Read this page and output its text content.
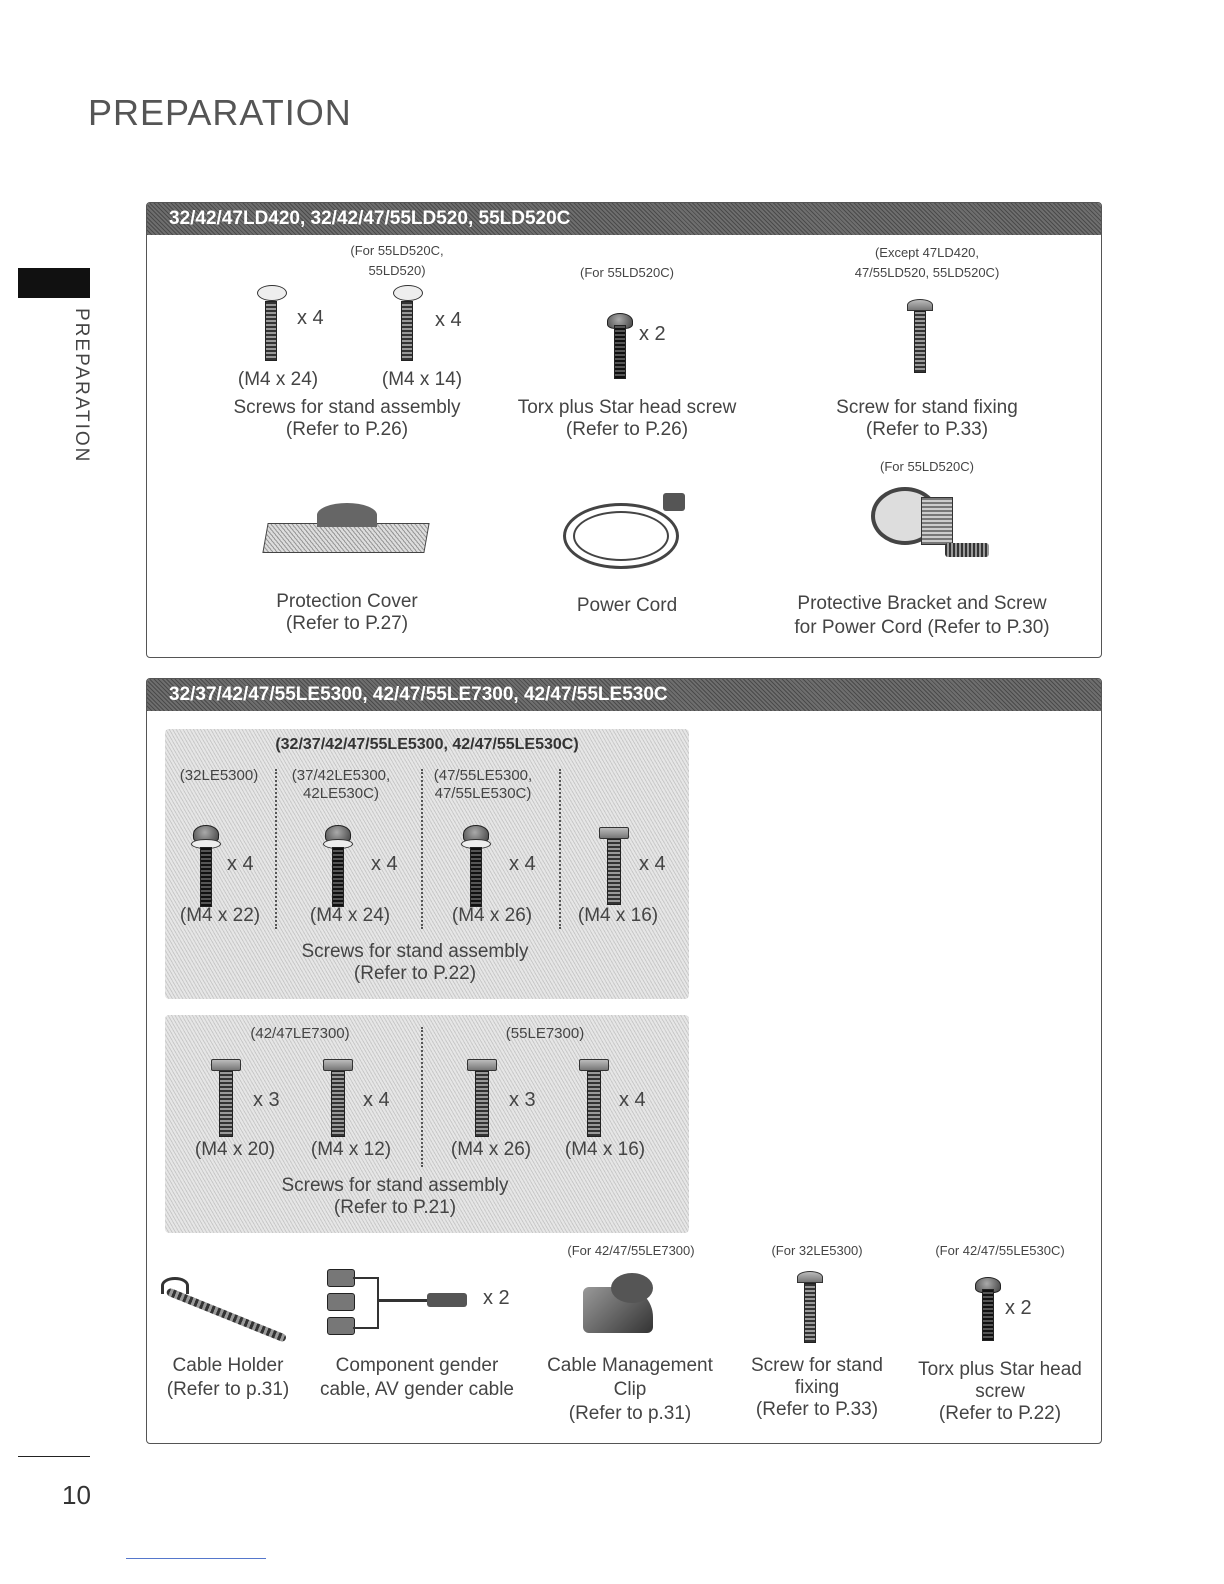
PREPARATION
PREPARATION
10
32/42/47LD420, 32/42/47/55LD520, 55LD520C
(For 55LD520C,
55LD520)
x 4	x 4
(M4 x 24)	(M4 x 14)
Screws for stand assembly
(Refer to P.26)
(For 55LD520C)
x 2
Torx plus Star head screw
(Refer to P.26)
(Except 47LD420,
47/55LD520, 55LD520C)
Screw for stand fixing
(Refer to P.33)
Protection Cover
(Refer to P.27)
Power Cord
(For 55LD520C)
Protective Bracket and Screw
for Power Cord (Refer to P.30)
32/37/42/47/55LE5300, 42/47/55LE7300, 42/47/55LE530C
(32/37/42/47/55LE5300, 42/47/55LE530C)
(32LE5300)	(37/42LE5300,
42LE530C)
(47/55LE5300,
47/55LE530C)
x 4	x 4	x 4	x 4
(M4 x 22)	(M4 x 24)	(M4 x 26)	(M4 x 16)
Screws for stand assembly
(Refer to P.22)
(42/47LE7300)	(55LE7300)
x 3	x 4	x 3	x 4
(M4 x 20)	(M4 x 12)	(M4 x 26)	(M4 x 16)
Screws for stand assembly
(Refer to P.21)
Cable Holder
(Refer to p.31)
x 2
Component gender
cable, AV gender cable
(For 42/47/55LE7300)
Cable Management
Clip
(Refer to p.31)
(For 32LE5300)
Screw for stand
fixing
(Refer to P.33)
(For 42/47/55LE530C)
x 2
Torx plus Star head
screw
(Refer to P.22)
